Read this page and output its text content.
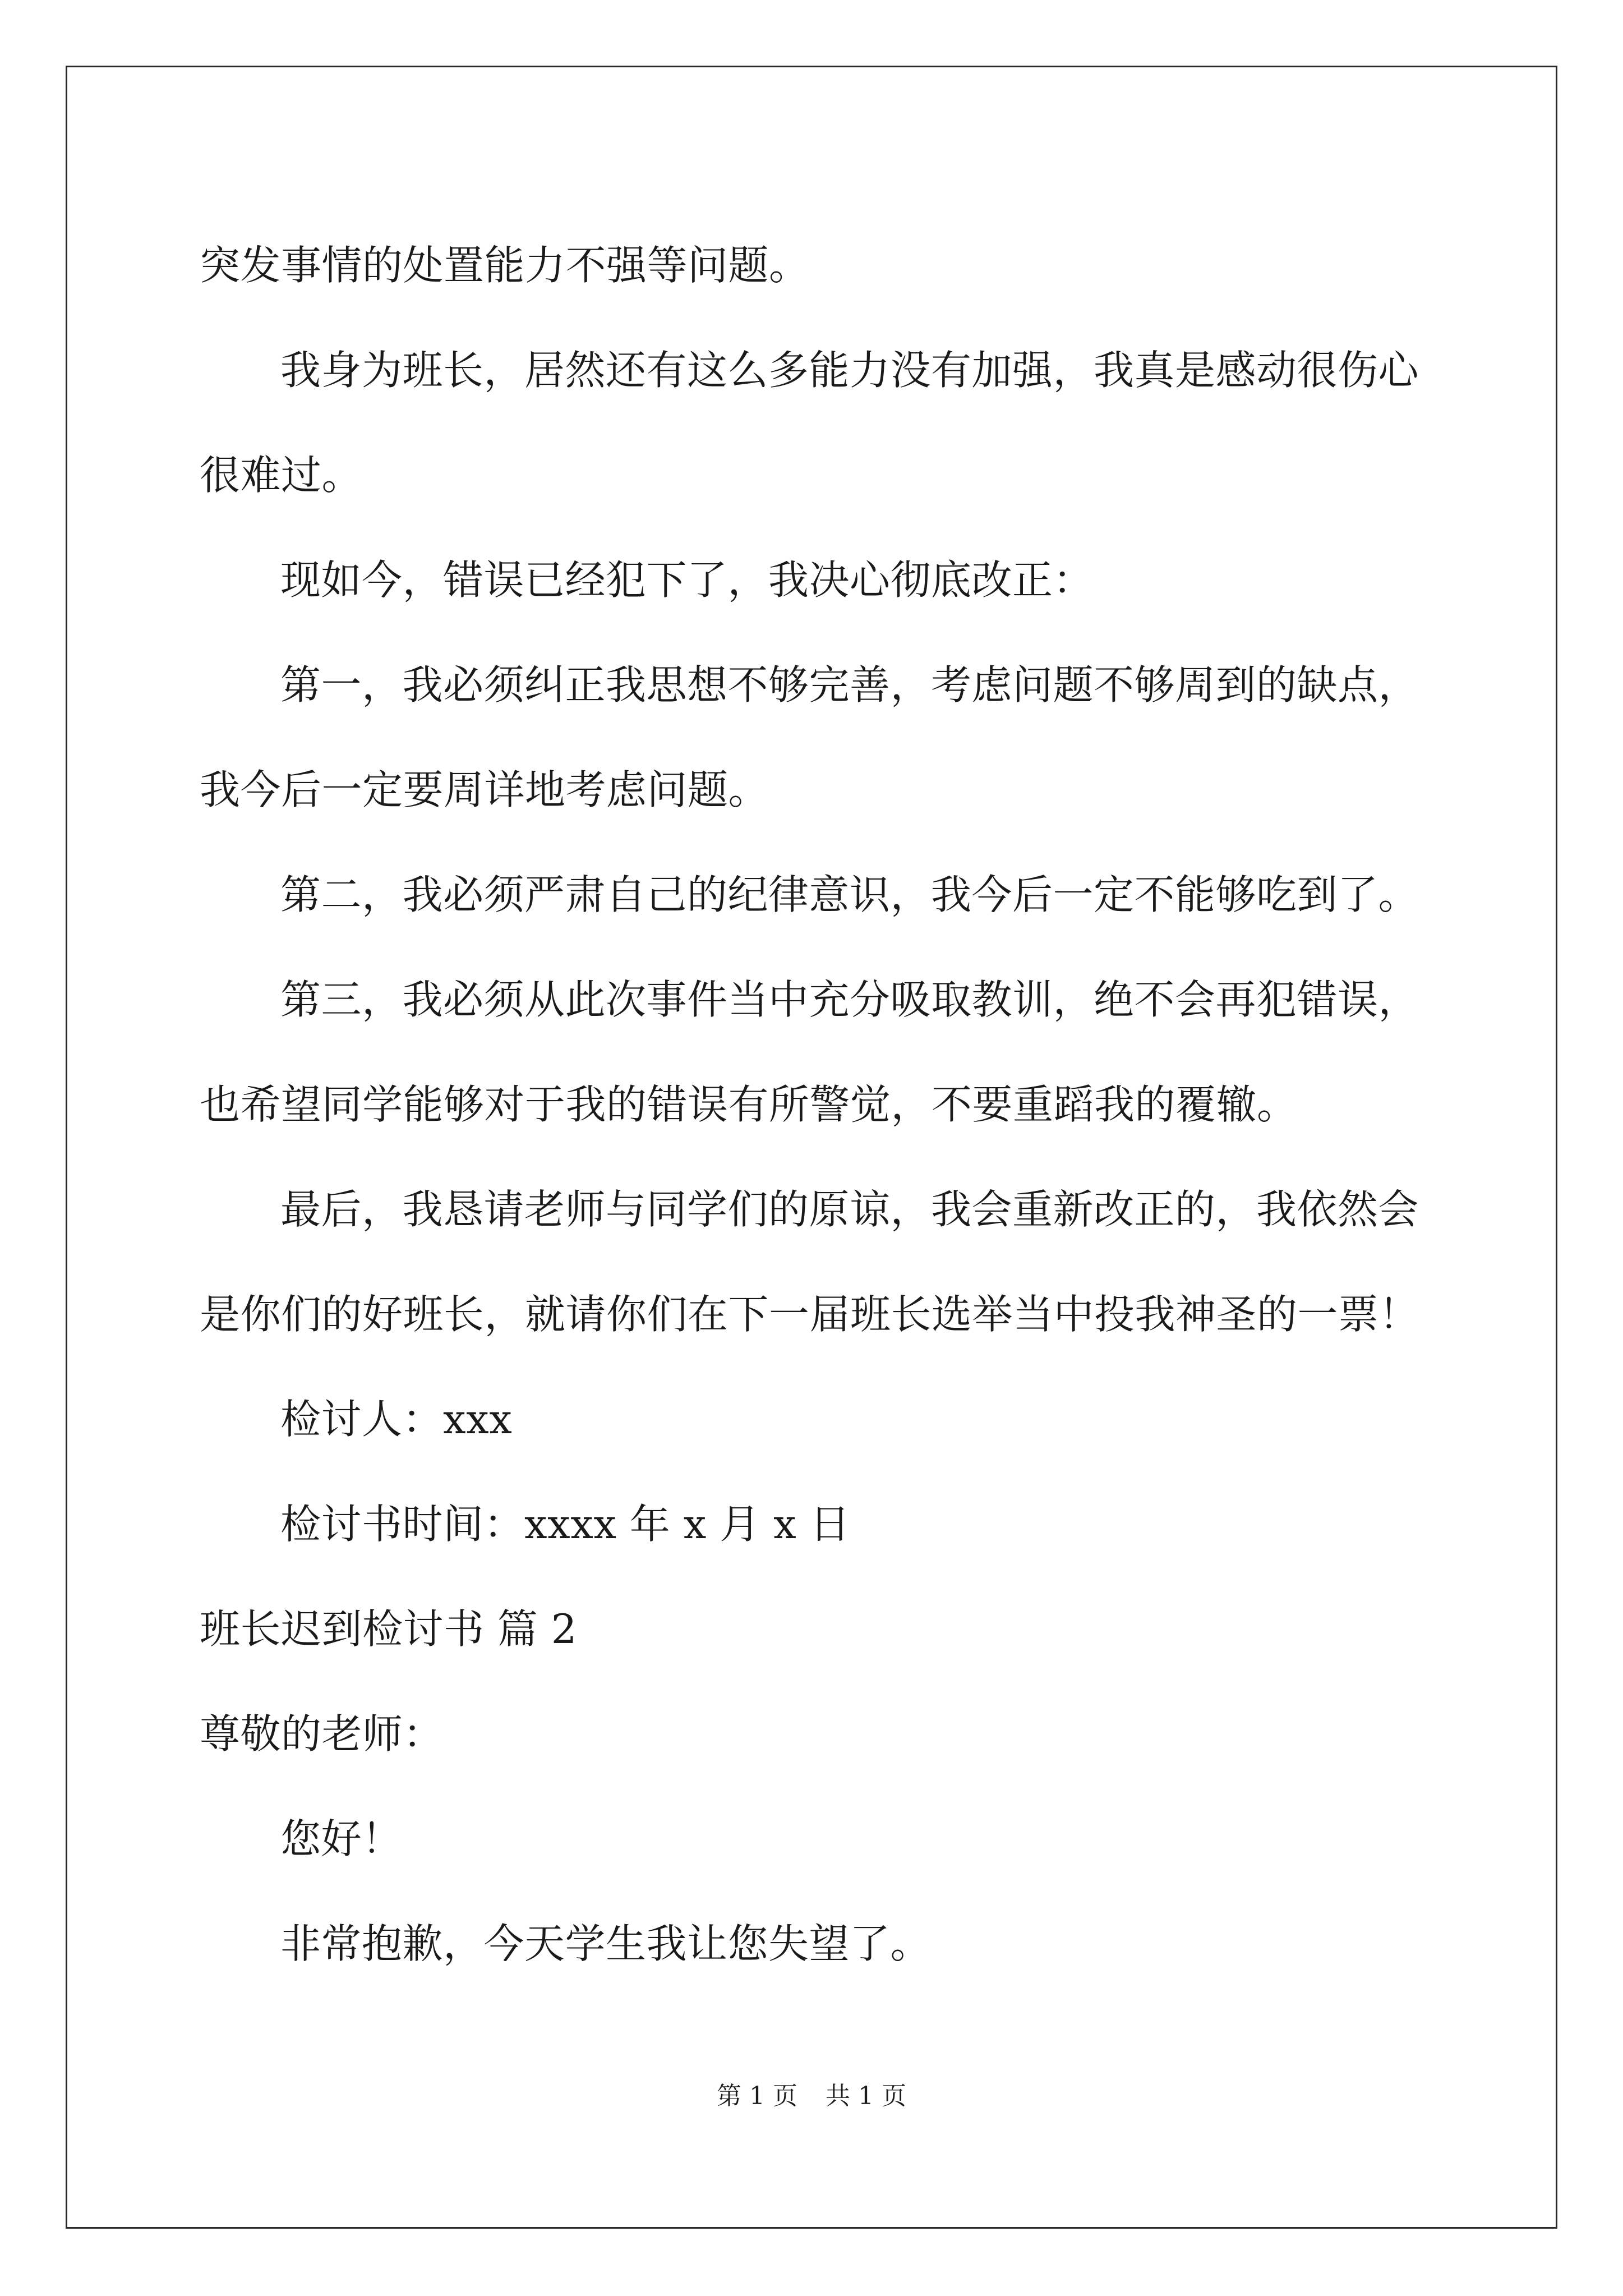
突发事情的处置能力不强等问题。
我身为班长，居然还有这么多能力没有加强，我真是感动很伤心
很难过。
现如今，错误已经犯下了，我决心彻底改正：
第一，我必须纠正我思想不够完善，考虑问题不够周到的缺点，
我今后一定要周详地考虑问题。
第二，我必须严肃自己的纪律意识，我今后一定不能够吃到了。
第三，我必须从此次事件当中充分吸取教训，绝不会再犯错误，
也希望同学能够对于我的错误有所警觉，不要重蹈我的覆辙。
最后，我恳请老师与同学们的原谅，我会重新改正的，我依然会
是你们的好班长，就请你们在下一届班长选举当中投我神圣的一票！
检讨人：xxx
检讨书时间：xxxx 年 x 月 x 日
班长迟到检讨书 篇 2
尊敬的老师：
您好！
非常抱歉，今天学生我让您失望了。
第 1 页 共 1 页
